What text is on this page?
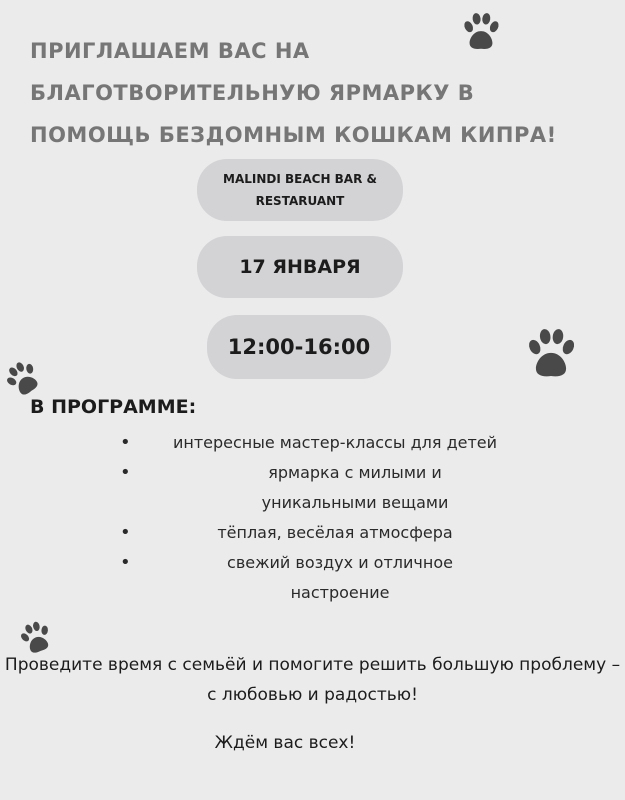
ПРИГЛАШАЕМ ВАС НА
БЛАГОТВОРИТЕЛЬНУЮ ЯРМАРКУ В
ПОМОЩЬ БЕЗДОМНЫМ КОШКАМ КИПРА!
MALINDI BEACH BAR & RESTARUANT
17 ЯНВАРЯ
12:00-16:00
В ПРОГРАММЕ:
• интересные мастер-классы для детей
• ярмарка с милыми и уникальными вещами
• тёплая, весёлая атмосфера
• свежий воздух и отличное настроение

Проведите время с семьёй и помогите решить большую проблему – с любовью и радостью!

Ждём вас всех!
